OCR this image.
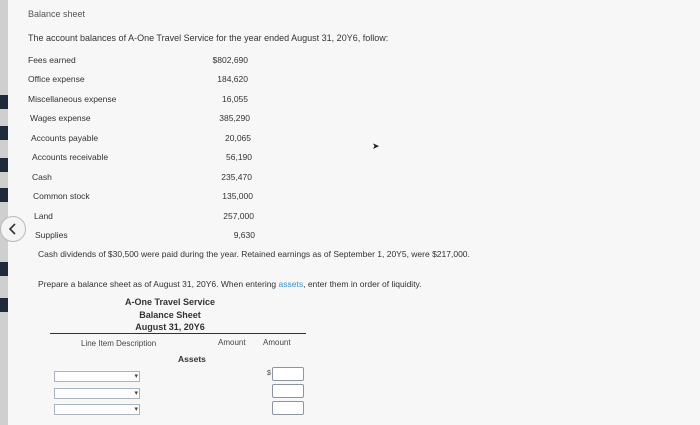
Balance sheet
The account balances of A-One Travel Service for the year ended August 31, 20Y6, follow:
Fees earned	$802,690
Office expense	184,620
Miscellaneous expense	16,055
Wages expense	385,290
Accounts payable	20,065
Accounts receivable	56,190
Cash	235,470
Common stock	135,000
Land	257,000
Supplies	9,630
Cash dividends of $30,500 were paid during the year. Retained earnings as of September 1, 20Y5, were $217,000.
Prepare a balance sheet as of August 31, 20Y6. When entering assets, enter them in order of liquidity.
A-One Travel Service
Balance Sheet
August 31, 20Y6
Line Item Description	Amount Amount
Assets
▾
▾
▾
$
➤
